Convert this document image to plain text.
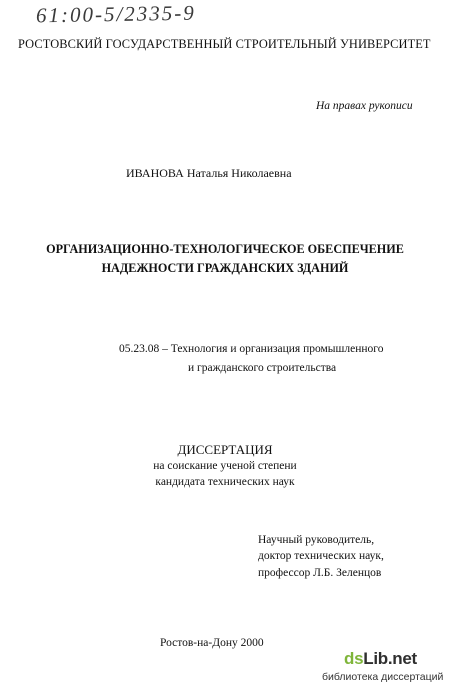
61:00-5/2335-9
РОСТОВСКИЙ ГОСУДАРСТВЕННЫЙ СТРОИТЕЛЬНЫЙ УНИВЕРСИТЕТ
На правах рукописи
ИВАНОВА Наталья Николаевна
ОРГАНИЗАЦИОННО-ТЕХНОЛОГИЧЕСКОЕ ОБЕСПЕЧЕНИЕ
НАДЕЖНОСТИ ГРАЖДАНСКИХ ЗДАНИЙ
05.23.08 – Технология и организация промышленного
и гражданского строительства
ДИССЕРТАЦИЯ
на соискание ученой степени
кандидата технических наук
Научный руководитель,
доктор технических наук,
профессор Л.Б. Зеленцов
Ростов-на-Дону 2000
dsLib.net
библиотека диссертаций
